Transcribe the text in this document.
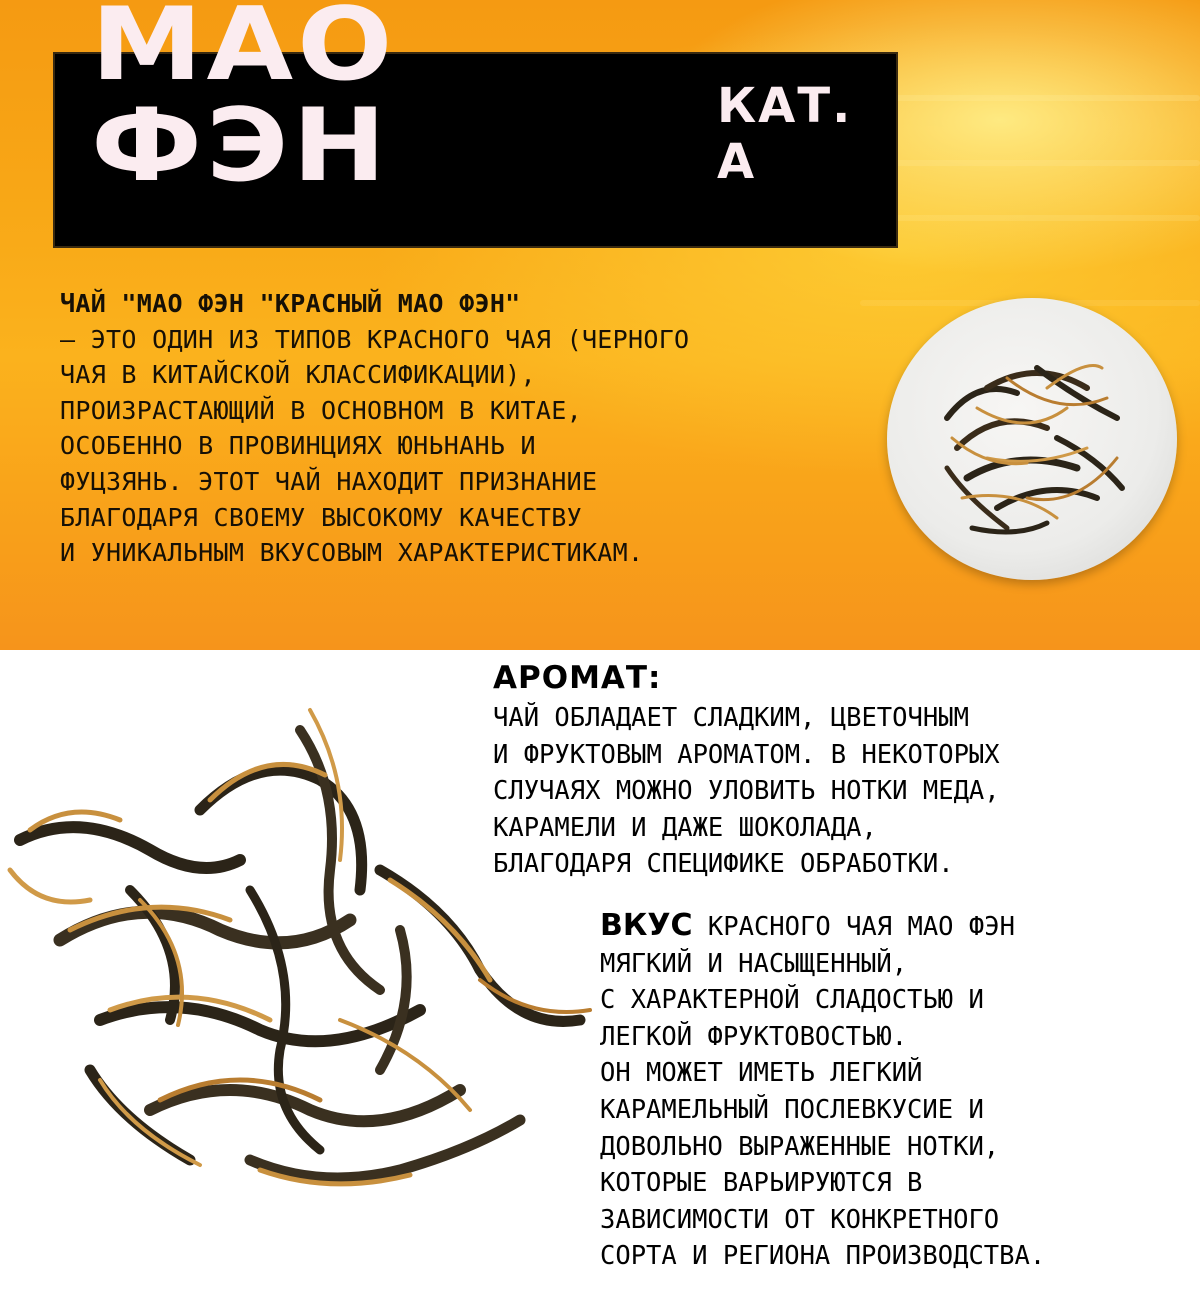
МАО ФЭН	КАТ. А
ЧАЙ "МАО ФЭН "КРАСНЫЙ МАО ФЭН"
— ЭТО ОДИН ИЗ ТИПОВ КРАСНОГО ЧАЯ (ЧЕРНОГО
ЧАЯ В КИТАЙСКОЙ КЛАССИФИКАЦИИ),
ПРОИЗРАСТАЮЩИЙ В ОСНОВНОМ В КИТАЕ,
ОСОБЕННО В ПРОВИНЦИЯХ ЮНЬНАНЬ И
ФУЦЗЯНЬ. ЭТОТ ЧАЙ НАХОДИТ ПРИЗНАНИЕ
БЛАГОДАРЯ СВОЕМУ ВЫСОКОМУ КАЧЕСТВУ
И УНИКАЛЬНЫМ ВКУСОВЫМ ХАРАКТЕРИСТИКАМ.
АРОМАТ:
ЧАЙ ОБЛАДАЕТ СЛАДКИМ, ЦВЕТОЧНЫМ
И ФРУКТОВЫМ АРОМАТОМ. В НЕКОТОРЫХ
СЛУЧАЯХ МОЖНО УЛОВИТЬ НОТКИ МЕДА,
КАРАМЕЛИ И ДАЖЕ ШОКОЛАДА,
БЛАГОДАРЯ СПЕЦИФИКЕ ОБРАБОТКИ.
ВКУС КРАСНОГО ЧАЯ МАО ФЭН
МЯГКИЙ И НАСЫЩЕННЫЙ,
С ХАРАКТЕРНОЙ СЛАДОСТЬЮ И
ЛЕГКОЙ ФРУКТОВОСТЬЮ.
ОН МОЖЕТ ИМЕТЬ ЛЕГКИЙ
КАРАМЕЛЬНЫЙ ПОСЛЕВКУСИЕ И
ДОВОЛЬНО ВЫРАЖЕННЫЕ НОТКИ,
КОТОРЫЕ ВАРЬИРУЮТСЯ В
ЗАВИСИМОСТИ ОТ КОНКРЕТНОГО
СОРТА И РЕГИОНА ПРОИЗВОДСТВА.
